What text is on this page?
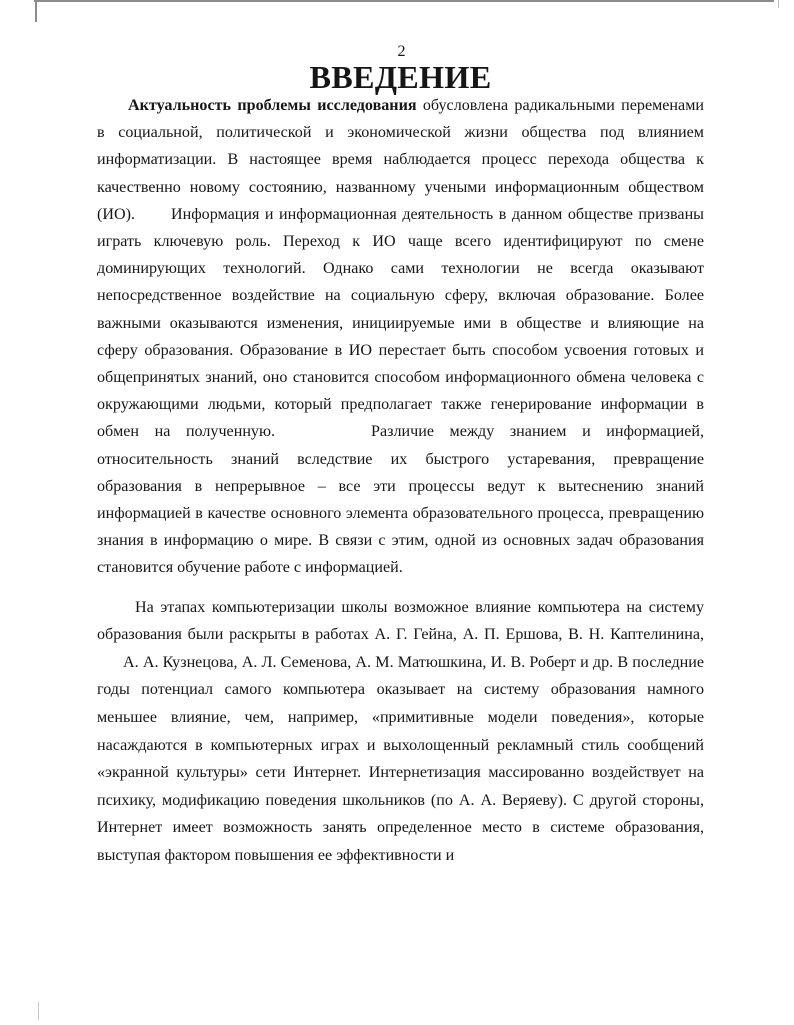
2

ВВЕДЕНИЕ

Актуальность проблемы исследования обусловлена радикальными переменами в социальной, политической и экономической жизни общества под влиянием информатизации. В настоящее время наблюдается процесс перехода общества к качественно новому состоянию, названному учеными информационным обществом (ИО). Информация и информационная деятельность в данном обществе призваны играть ключевую роль. Переход к ИО чаще всего идентифицируют по смене доминирующих технологий. Однако сами технологии не всегда оказывают непосредственное воздействие на социальную сферу, включая образование. Более важными оказываются изменения, инициируемые ими в обществе и влияющие на сферу образования. Образование в ИО перестает быть способом усвоения готовых и общепринятых знаний, оно становится способом информационного обмена человека с окружающими людьми, который предполагает также генерирование информации в обмен на полученную.	Различие между знанием и информацией, относительность знаний вследствие их быстрого устаревания, превращение образования в непрерывное – все эти процессы ведут к вытеснению знаний информацией в качестве основного элемента образовательного процесса, превращению знания в информацию о мире. В связи с этим, одной из основных задач образования становится обучение работе с информацией.

На этапах компьютеризации школы возможное влияние компьютера на систему образования были раскрыты в работах А. Г. Гейна, А. П. Ершова, В. Н. Каптелинина,А. А. Кузнецова, А. Л. Семенова, А. М. Матюшкина, И. В. Роберт и др. В последние годы потенциал самого компьютера оказывает на систему образования намного меньшее влияние, чем, например, «примитивные модели поведения», которые насаждаются в компьютерных играх и выхолощенный рекламный стиль сообщений «экранной культуры» сети Интернет. Интернетизация массированно воздействует на психику, модификацию поведения школьников (по А. А. Веряеву). С другой стороны, Интернет имеет возможность занять определенное место в системе образования, выступая фактором повышения ее эффективности и
